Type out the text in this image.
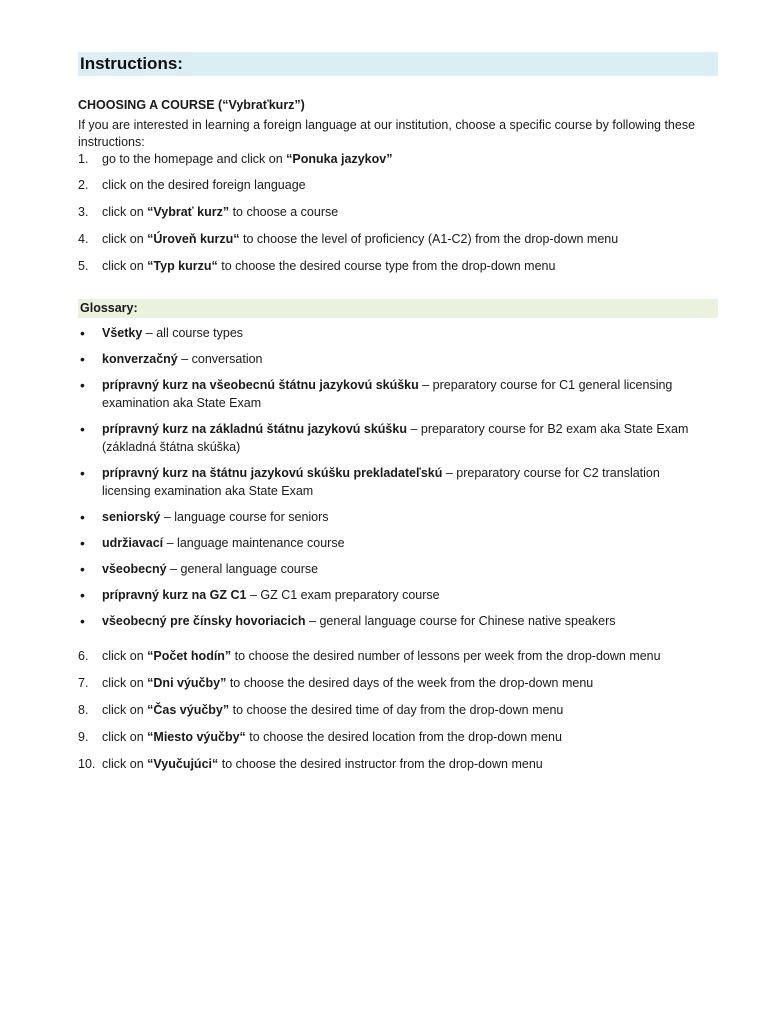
Instructions:
CHOOSING A COURSE (“Vybraťkurz”)
If you are interested in learning a foreign language at our institution, choose a specific course by following these instructions:
1. go to the homepage and click on “Ponuka jazykov”
2. click on the desired foreign language
3. click on “Vybrať kurz” to choose a course
4. click on “Úroveň kurzu“ to choose the level of proficiency (A1-C2) from the drop-down menu
5. click on “Typ kurzu“ to choose the desired course type from the drop-down menu
Glossary:
• Všetky – all course types
• konverzačný – conversation
• prípravný kurz na všeobecnú štátnu jazykovú skúšku – preparatory course for C1 general licensing examination aka State Exam
• prípravný kurz na základnú štátnu jazykovú skúšku – preparatory course for B2 exam aka State Exam (základná štátna skúška)
• prípravný kurz na štátnu jazykovú skúšku prekladateľskú – preparatory course for C2 translation licensing examination aka State Exam
• seniorský – language course for seniors
• udržiavací – language maintenance course
• všeobecný – general language course
• prípravný kurz na GZ C1 – GZ C1 exam preparatory course
• všeobecný pre čínsky hovoriacich – general language course for Chinese native speakers
6. click on “Počet hodín” to choose the desired number of lessons per week from the drop-down menu
7. click on “Dni výučby” to choose the desired days of the week from the drop-down menu
8. click on “Čas výučby” to choose the desired time of day from the drop-down menu
9. click on “Miesto výučby“ to choose the desired location from the drop-down menu
10. click on “Vyučujúci“ to choose the desired instructor from the drop-down menu
